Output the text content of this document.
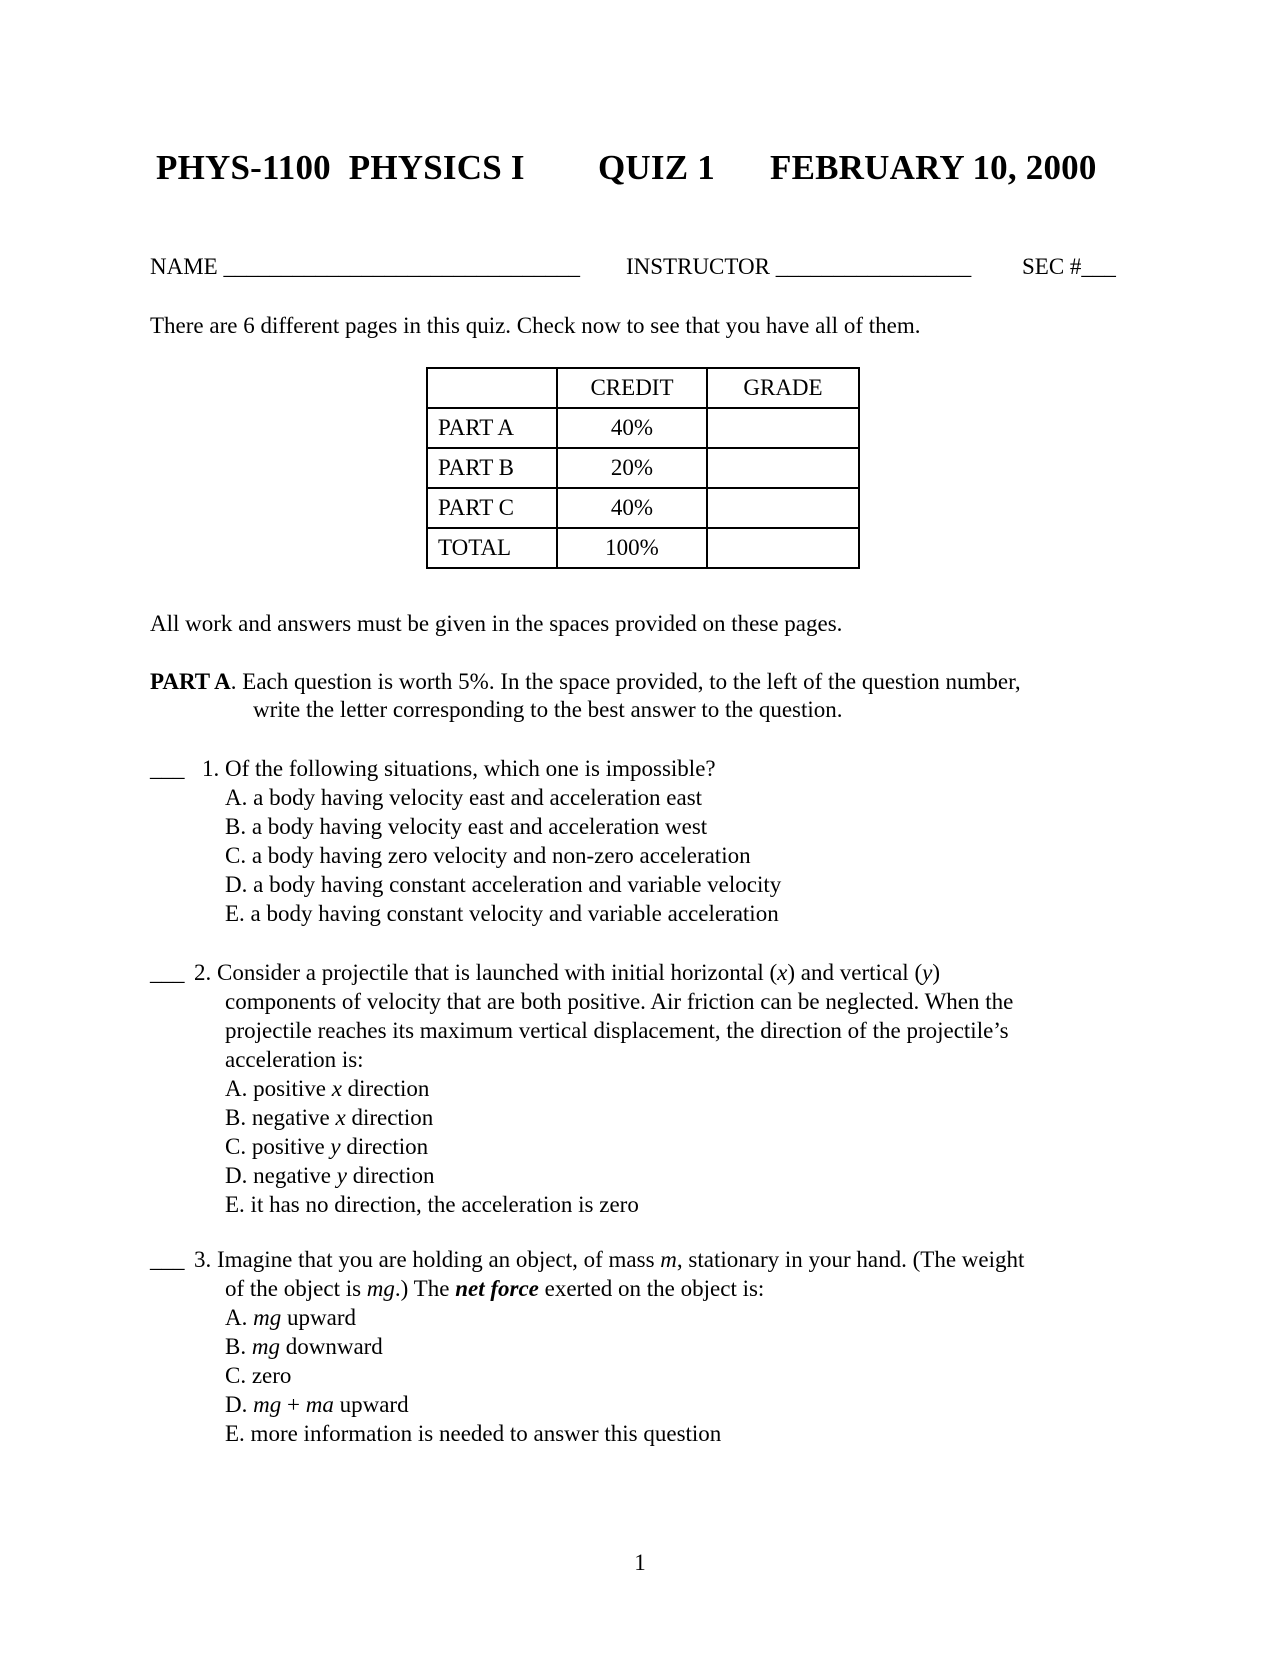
PHYS-1100  PHYSICS I QUIZ 1 FEBRUARY 10, 2000
NAME _______________________________ INSTRUCTOR _________________ SEC #___
There are 6 different pages in this quiz. Check now to see that you have all of them.
	CREDIT	GRADE
PART A	40%	
PART B	20%	
PART C	40%	
TOTAL	100%	
All work and answers must be given in the spaces provided on these pages.
PART A. Each question is worth 5%. In the space provided, to the left of the question number,
write the letter corresponding to the best answer to the question.
___ 1. Of the following situations, which one is impossible?
A. a body having velocity east and acceleration east
B. a body having velocity east and acceleration west
C. a body having zero velocity and non-zero acceleration
D. a body having constant acceleration and variable velocity
E. a body having constant velocity and variable acceleration
___ 2. Consider a projectile that is launched with initial horizontal (x) and vertical (y)
components of velocity that are both positive. Air friction can be neglected. When the
projectile reaches its maximum vertical displacement, the direction of the projectile’s
acceleration is:
A. positive x direction
B. negative x direction
C. positive y direction
D. negative y direction
E. it has no direction, the acceleration is zero
___ 3. Imagine that you are holding an object, of mass m, stationary in your hand. (The weight
of the object is mg.) The net force exerted on the object is:
A. mg upward
B. mg downward
C. zero
D. mg + ma upward
E. more information is needed to answer this question
1
